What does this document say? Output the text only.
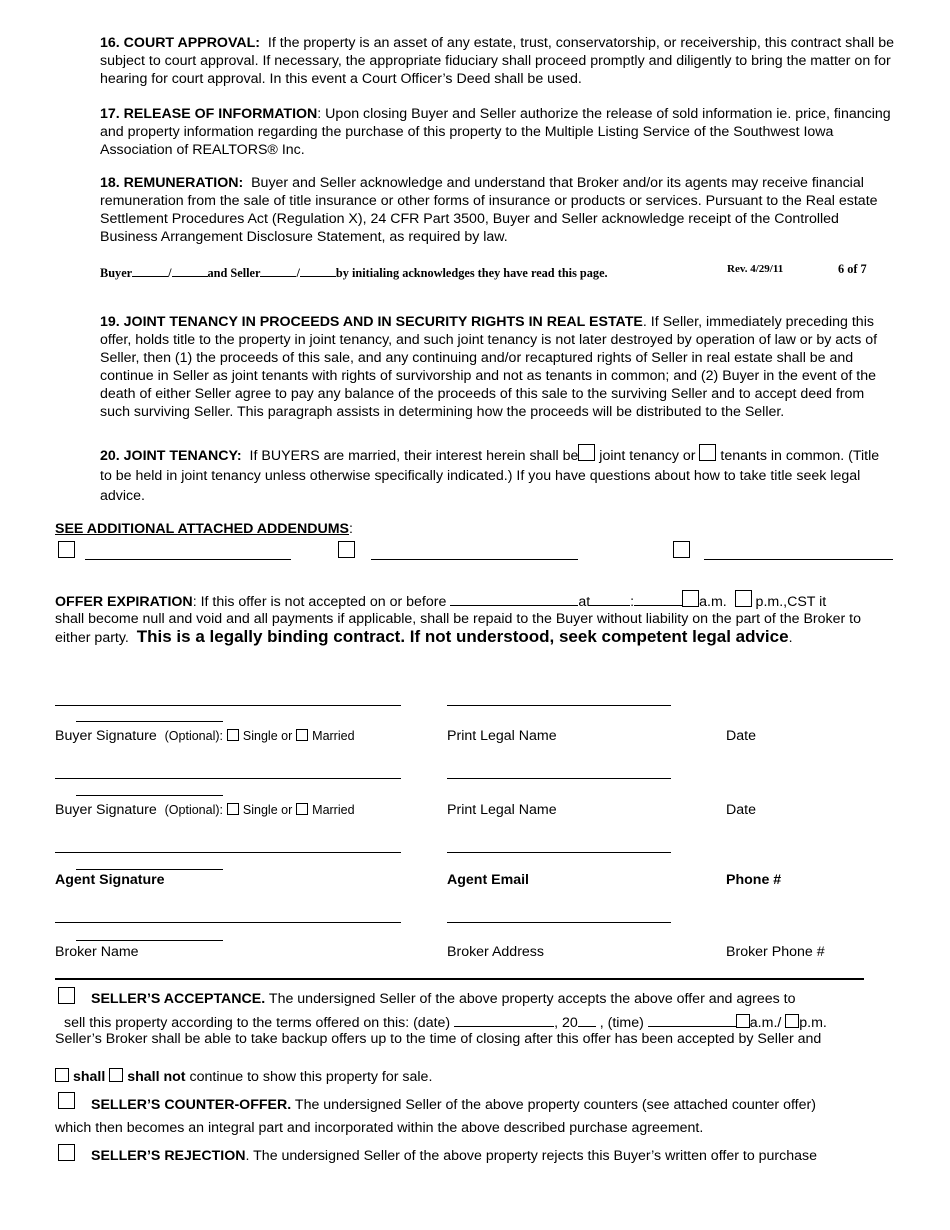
16. COURT APPROVAL: If the property is an asset of any estate, trust, conservatorship, or receivership, this contract shall be subject to court approval. If necessary, the appropriate fiduciary shall proceed promptly and diligently to bring the matter on for hearing for court approval. In this event a Court Officer’s Deed shall be used.
17. RELEASE OF INFORMATION: Upon closing Buyer and Seller authorize the release of sold information ie. price, financing and property information regarding the purchase of this property to the Multiple Listing Service of the Southwest Iowa Association of REALTORS® Inc.
18. REMUNERATION: Buyer and Seller acknowledge and understand that Broker and/or its agents may receive financial remuneration from the sale of title insurance or other forms of insurance or products or services. Pursuant to the Real estate Settlement Procedures Act (Regulation X), 24 CFR Part 3500, Buyer and Seller acknowledge receipt of the Controlled Business Arrangement Disclosure Statement, as required by law.
Buyer	/	and Seller	/	by initialing acknowledges they have read this page.	Rev. 4/29/11	6 of 7
19. JOINT TENANCY IN PROCEEDS AND IN SECURITY RIGHTS IN REAL ESTATE. If Seller, immediately preceding this offer, holds title to the property in joint tenancy, and such joint tenancy is not later destroyed by operation of law or by acts of Seller, then (1) the proceeds of this sale, and any continuing and/or recaptured rights of Seller in real estate shall be and continue in Seller as joint tenants with rights of survivorship and not as tenants in common; and (2) Buyer in the event of the death of either Seller agree to pay any balance of the proceeds of this sale to the surviving Seller and to accept deed from such surviving Seller. This paragraph assists in determining how the proceeds will be distributed to the Seller.
20. JOINT TENANCY: If BUYERS are married, their interest herein shall be joint tenancy or  tenants in common. (Title to be held in joint tenancy unless otherwise specifically indicated.) If you have questions about how to take title seek legal advice.
SEE ADDITIONAL ATTACHED ADDENDUMS:
OFFER EXPIRATION: If this offer is not accepted on or before	at	:	a.m.   p.m.,CST it
shall become null and void and all payments if applicable, shall be repaid to the Buyer without liability on the part of the Broker to either party. This is a legally binding contract. If not understood, seek competent legal advice.
Buyer Signature (Optional): Single or Married	Print Legal Name	Date
Buyer Signature (Optional): Single or Married	Print Legal Name	Date
Agent Signature	Agent Email	Phone #
Broker Name	Broker Address	Broker Phone #
SELLER’S ACCEPTANCE. The undersigned Seller of the above property accepts the above offer and agrees to
sell this property according to the terms offered on this: (date)	, 20 , (time)	a.m./ p.m.
Seller’s Broker shall be able to take backup offers up to the time of closing after this offer has been accepted by Seller and
shall shall not continue to show this property for sale.
SELLER’S COUNTER-OFFER. The undersigned Seller of the above property counters (see attached counter offer)
which then becomes an integral part and incorporated within the above described purchase agreement.
SELLER’S REJECTION. The undersigned Seller of the above property rejects this Buyer’s written offer to purchase
